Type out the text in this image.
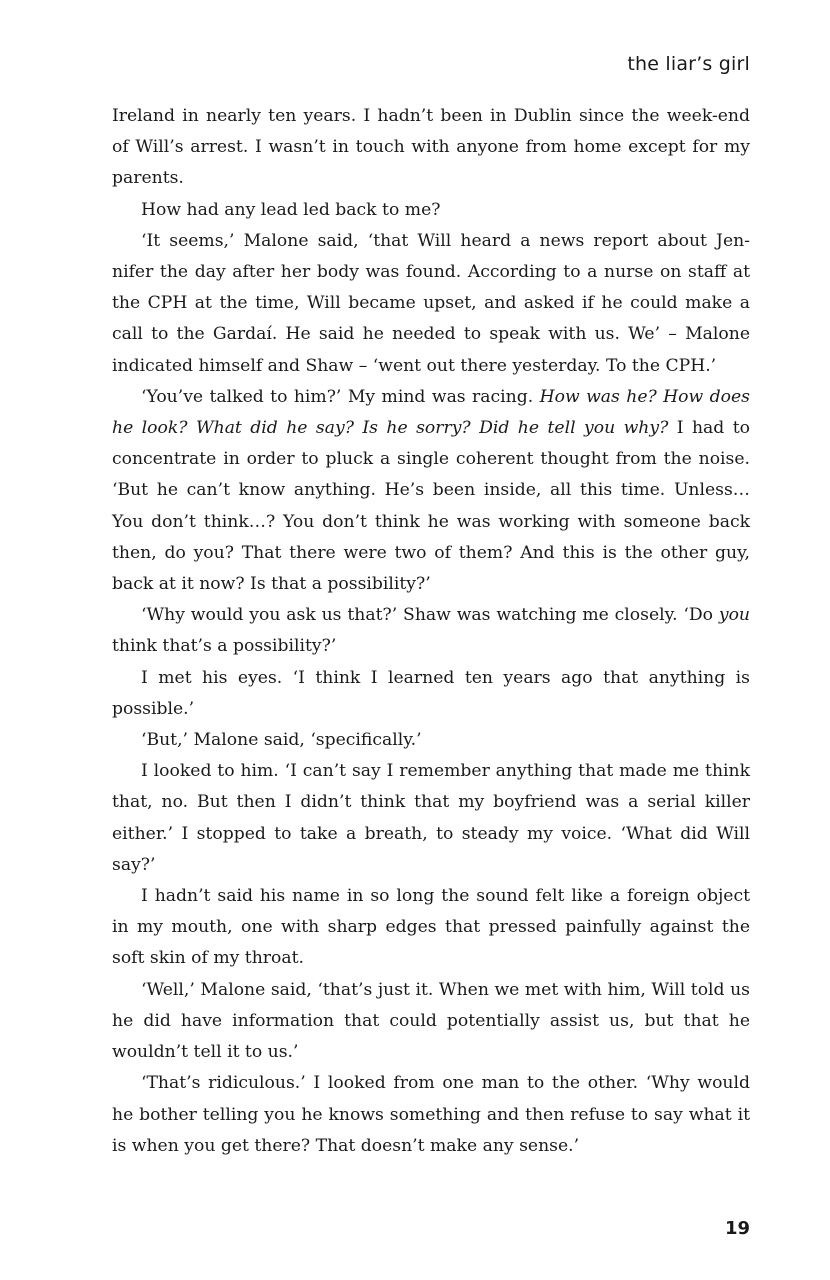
the liar’s girl

Ireland in nearly ten years. I hadn’t been in Dublin since the week-end of Will’s arrest. I wasn’t in touch with anyone from home except for my parents.

How had any lead led back to me?

‘It seems,’ Malone said, ‘that Will heard a news report about Jen-nifer the day after her body was found. According to a nurse on staff at the CPH at the time, Will became upset, and asked if he could make a call to the Gardaí. He said he needed to speak with us. We’ – Malone indicated himself and Shaw – ‘went out there yesterday. To the CPH.’

‘You’ve talked to him?’ My mind was racing. How was he? How does he look? What did he say? Is he sorry? Did he tell you why? I had to concentrate in order to pluck a single coherent thought from the noise. ‘But he can’t know anything. He’s been inside, all this time. Unless… You don’t think…? You don’t think he was working with someone back then, do you? That there were two of them? And this is the other guy, back at it now? Is that a possibility?’

‘Why would you ask us that?’ Shaw was watching me closely. ‘Do you think that’s a possibility?’

I met his eyes. ‘I think I learned ten years ago that anything is possible.’

‘But,’ Malone said, ‘specifically.’

I looked to him. ‘I can’t say I remember anything that made me think that, no. But then I didn’t think that my boyfriend was a serial killer either.’ I stopped to take a breath, to steady my voice. ‘What did Will say?’

I hadn’t said his name in so long the sound felt like a foreign object in my mouth, one with sharp edges that pressed painfully against the soft skin of my throat.

‘Well,’ Malone said, ‘that’s just it. When we met with him, Will told us he did have information that could potentially assist us, but that he wouldn’t tell it to us.’

‘That’s ridiculous.’ I looked from one man to the other. ‘Why would he bother telling you he knows something and then refuse to say what it is when you get there? That doesn’t make any sense.’

19
